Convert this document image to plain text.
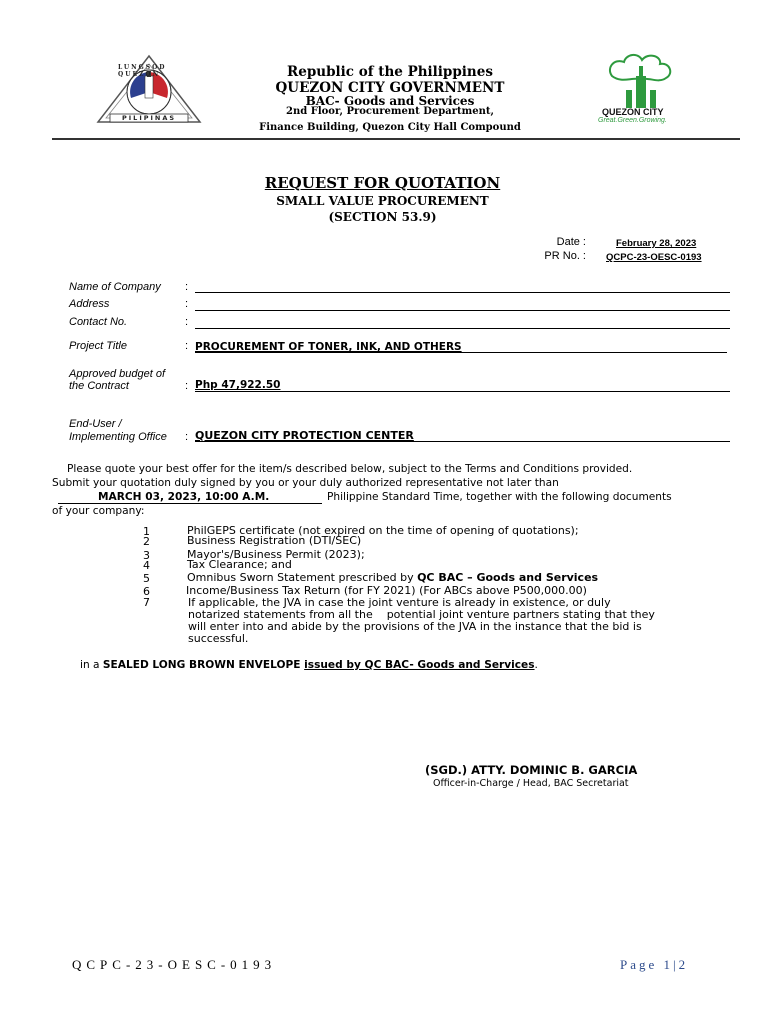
LUNGSOD QUEZON
PILIPINAS
Republic of the Philippines
QUEZON CITY GOVERNMENT
BAC- Goods and Services
2nd Floor, Procurement Department,
Finance Building, Quezon City Hall Compound
QUEZON CITY
Great.Green.Growing.
REQUEST FOR QUOTATION
SMALL VALUE PROCUREMENT
(SECTION 53.9)
Date :	February 28, 2023
PR No. : QCPC-23-OESC-0193
Name of Company :
Address	:
Contact No.	:
Project Title	: PROCUREMENT OF TONER, INK, AND OTHERS
Approved budget of
the Contract	: Php 47,922.50
End-User /
Implementing Office : QUEZON CITY PROTECTION CENTER
Please quote your best offer for the item/s described below, subject to the Terms and Conditions provided.
Submit your quotation duly signed by you or your duly authorized representative not later than
MARCH 03, 2023, 10:00 A.M.	Philippine Standard Time, together with the following documents
of your company:
1	PhilGEPS certificate (not expired on the time of opening of quotations);
2	Business Registration (DTI/SEC)
3	Mayor's/Business Permit (2023);
4	Tax Clearance; and
5	Omnibus Sworn Statement prescribed by QC BAC – Goods and Services
6	Income/Business Tax Return (for FY 2021) (For ABCs above P500,000.00)
7	If applicable, the JVA in case the joint venture is already in existence, or duly
notarized statements from all the    potential joint venture partners stating that they
will enter into and abide by the provisions of the JVA in the instance that the bid is
successful.
in a SEALED LONG BROWN ENVELOPE issued by QC BAC- Goods and Services.
(SGD.) ATTY. DOMINIC B. GARCIA
Officer-in-Charge / Head, BAC Secretariat
QCPC-23-OESC-0193	Page 1|2
